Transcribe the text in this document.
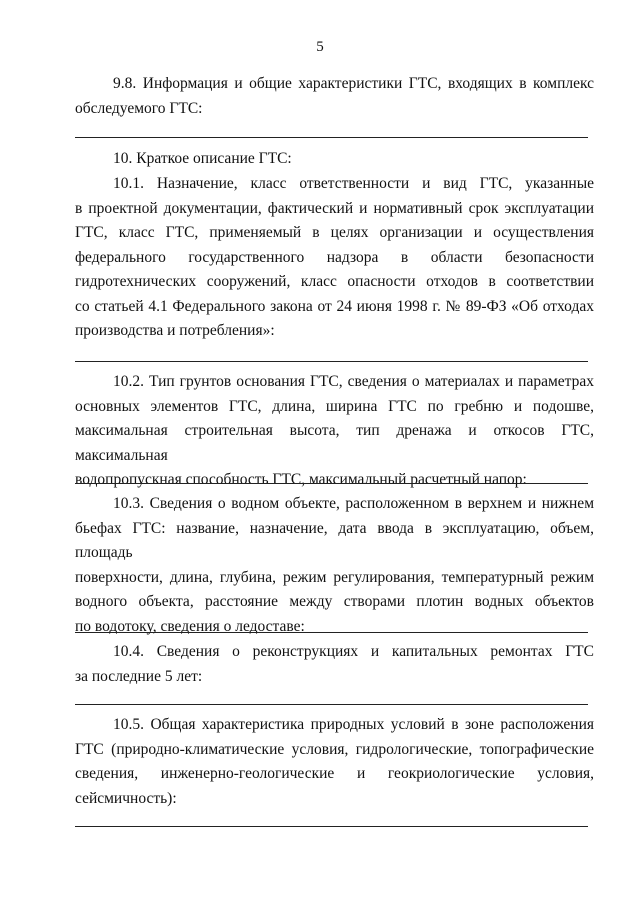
5
9.8. Информация и общие характеристики ГТС, входящих в комплекс
обследуемого ГТС:
10. Краткое описание ГТС:
10.1. Назначение, класс ответственности и вид ГТС, указанные
в проектной документации, фактический и нормативный срок эксплуатации
ГТС, класс ГТС, применяемый в целях организации и осуществления
федерального государственного надзора в области безопасности
гидротехнических сооружений, класс опасности отходов в соответствии
со статьей 4.1 Федерального закона от 24 июня 1998 г. № 89-ФЗ «Об отходах
производства и потребления»:
10.2. Тип грунтов основания ГТС, сведения о материалах и параметрах
основных элементов ГТС, длина, ширина ГТС по гребню и подошве,
максимальная строительная высота, тип дренажа и откосов ГТС, максимальная
водопропускная способность ГТС, максимальный расчетный напор:
10.3. Сведения о водном объекте, расположенном в верхнем и нижнем
бьефах ГТС: название, назначение, дата ввода в эксплуатацию, объем, площадь
поверхности, длина, глубина, режим регулирования, температурный режим
водного объекта, расстояние между створами плотин водных объектов
по водотоку, сведения о ледоставе:
10.4. Сведения о реконструкциях и капитальных ремонтах ГТС
за последние 5 лет:
10.5. Общая характеристика природных условий в зоне расположения
ГТС (природно-климатические условия, гидрологические, топографические
сведения, инженерно-геологические и геокриологические условия,
сейсмичность):
